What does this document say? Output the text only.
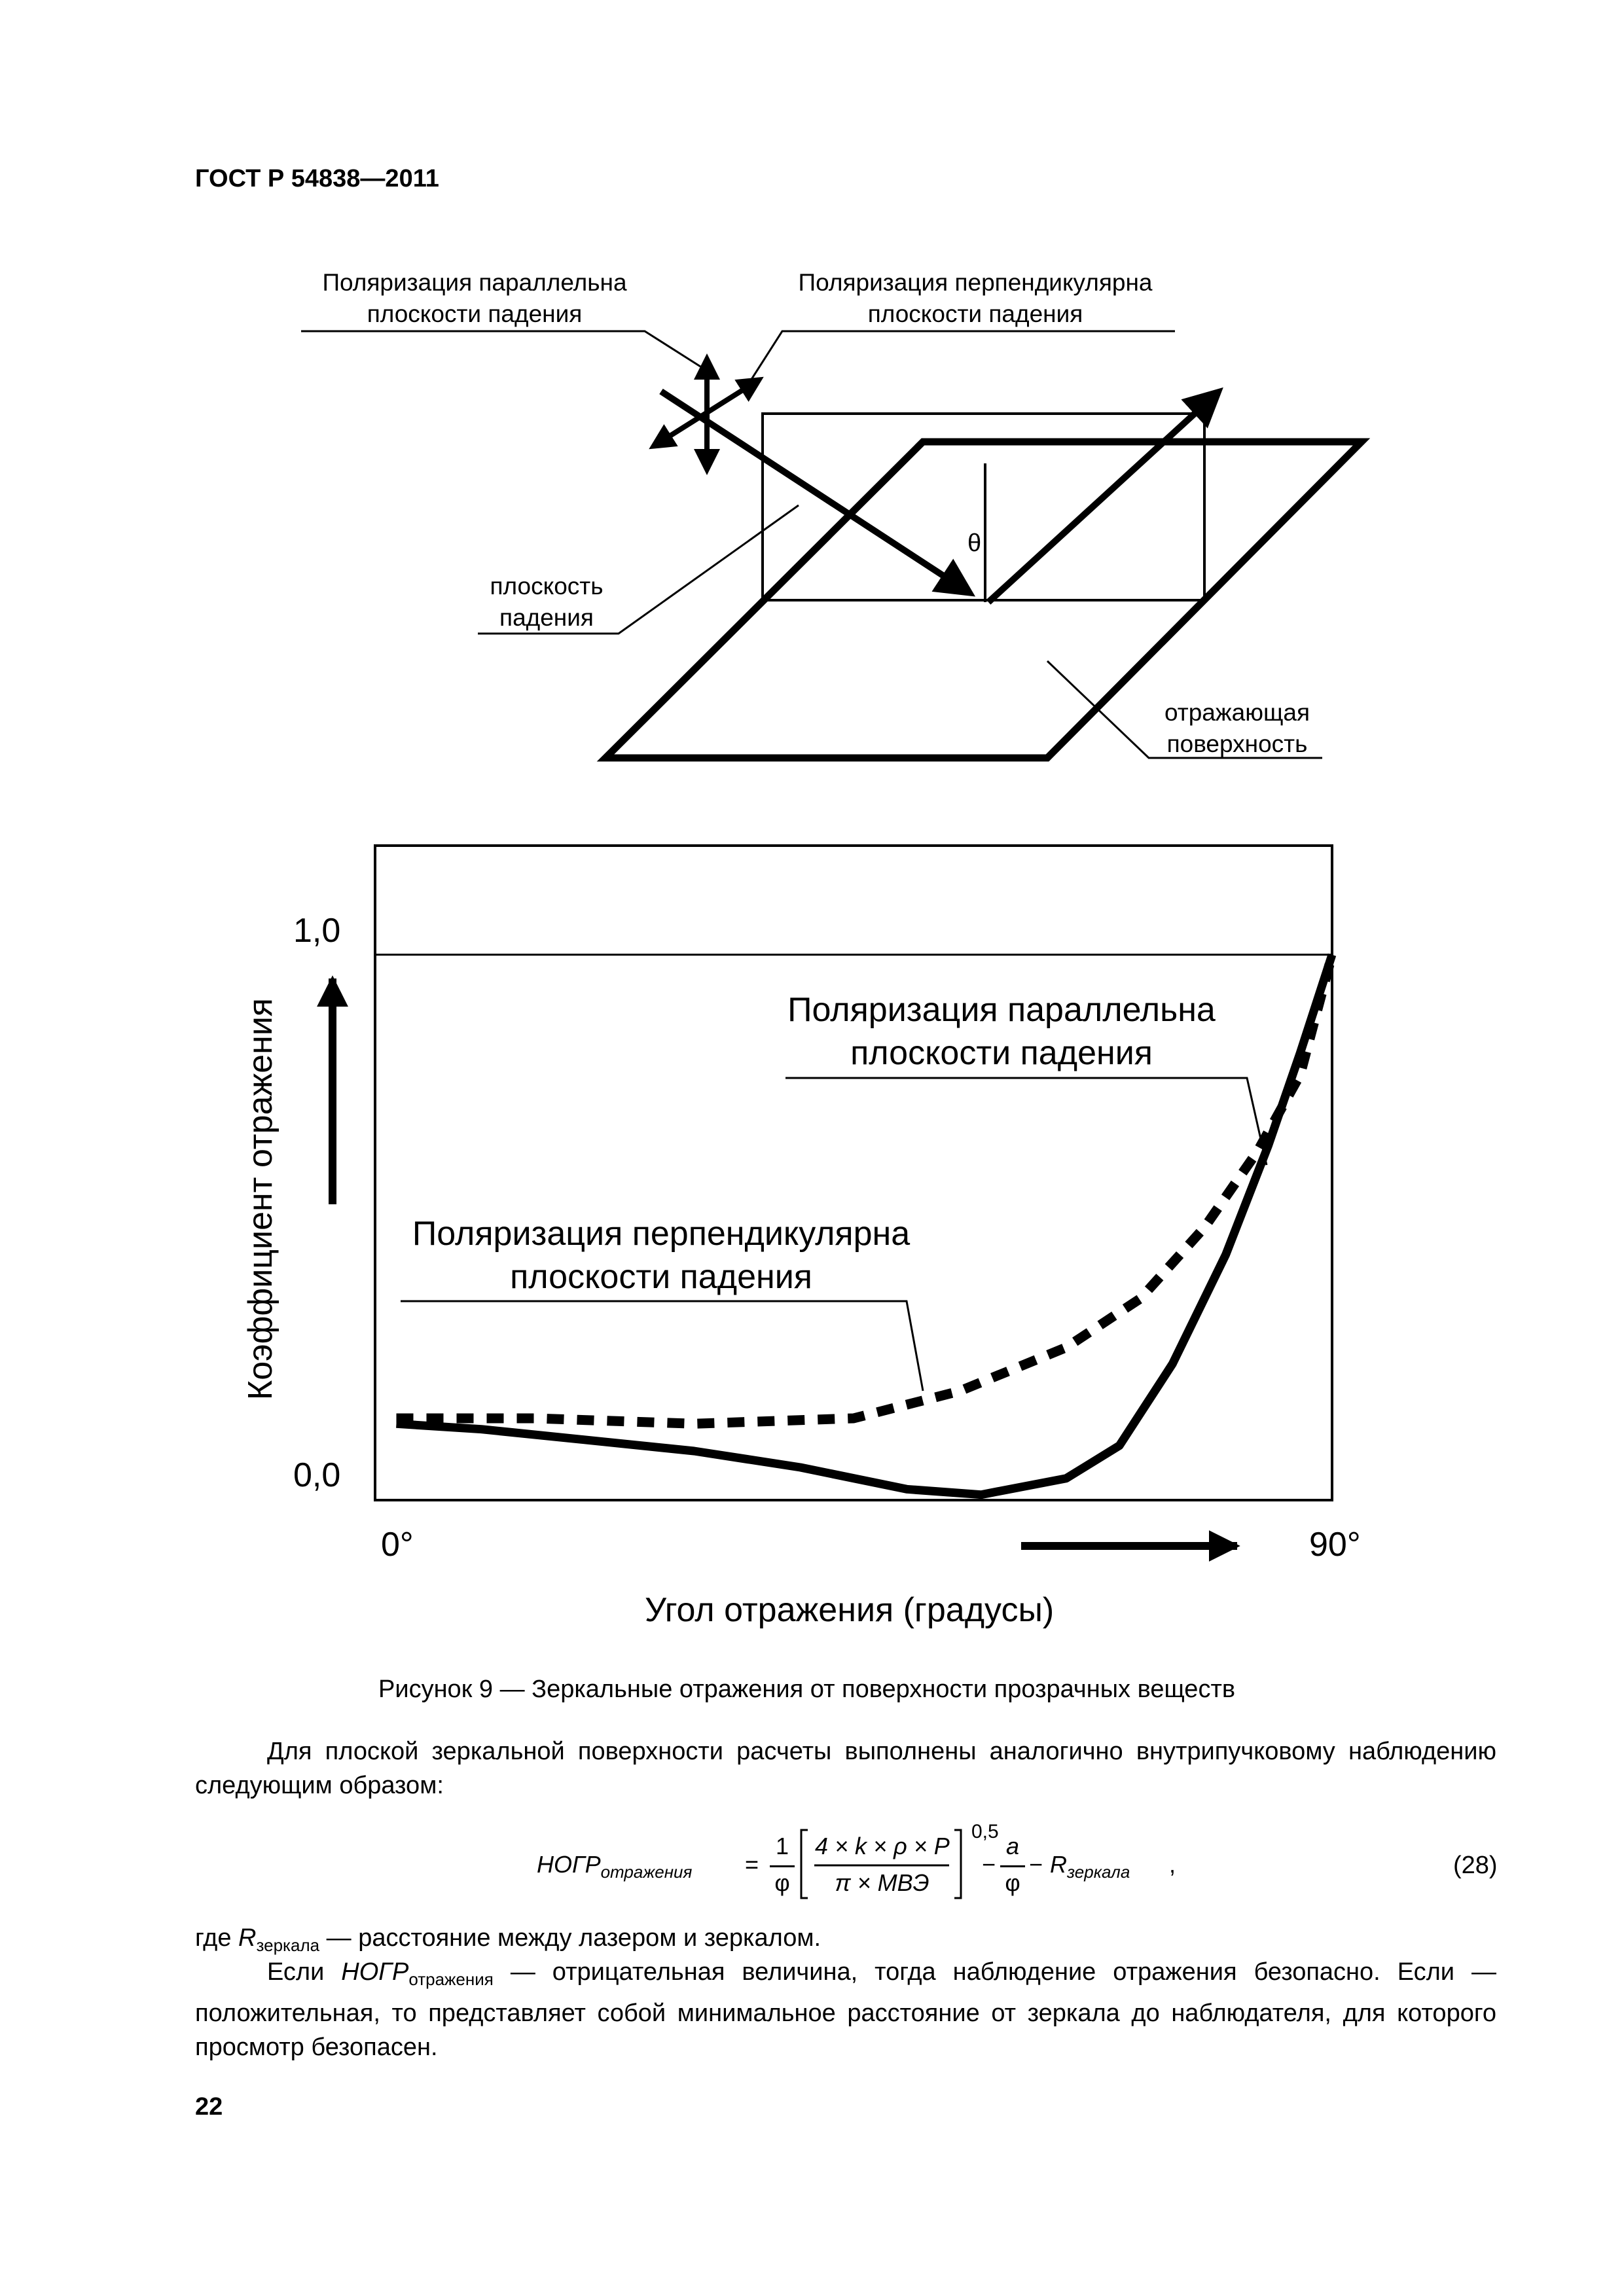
ГОСТ Р 54838—2011
θ
Поляризация параллельна
плоскости падения
Поляризация перпендикулярна
плоскости падения
плоскость
падения
отражающая
поверхность
Коэффициент отражения
1,0
0,0
0°	90°
Угол отражения (градусы)
Поляризация параллельна
плоскости падения
Поляризация перпендикулярна
плоскости падения
Рисунок 9 — Зеркальные отражения от поверхности прозрачных веществ
Для плоской зеркальной поверхности расчеты выполнены аналогично внутрипучковому наблюдению следующим образом:
$НОГР_{отражения}$ =
1
φ
4 × k × ρ × P
π × МВЭ
0,5
−
a
φ
− $R_{зеркала}$ ,	(28)
где $R_{зеркала}$ — расстояние между лазером и зеркалом.
Если $НОГР_{отражения}$ — отрицательная величина, тогда наблюдение отражения безопасно. Если — положительная, то представляет собой минимальное расстояние от зеркала до наблюдателя, для которого просмотр безопасен.
22
